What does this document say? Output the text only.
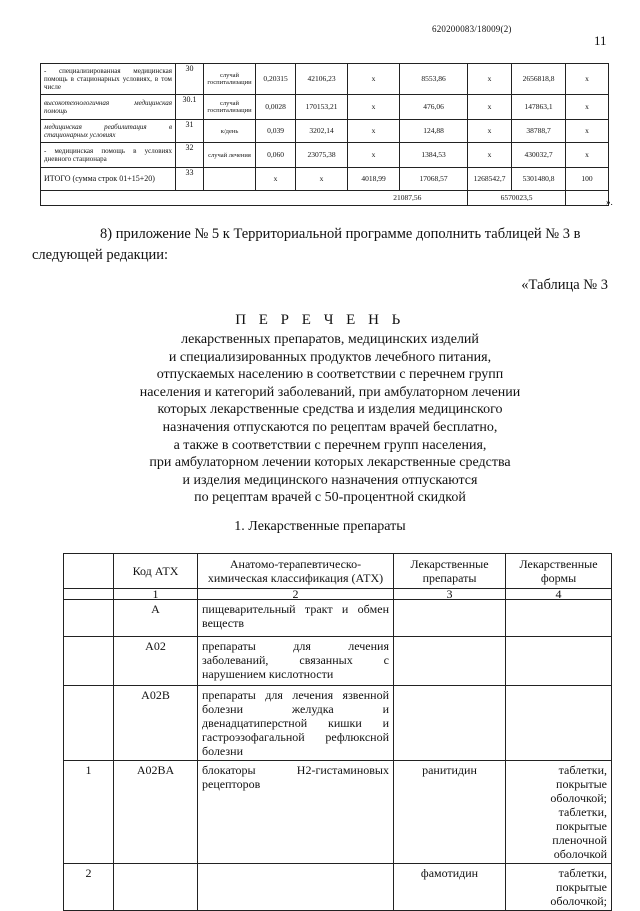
620200083/18009(2)
11
- специализированная медицинская помощь в стационарных условиях, в том числе	30	случай госпитализации	0,20315	42106,23	x	8553,86	x	2656818,8	x
высокотехнологичная медицинская помощь	30.1	случай госпитализации	0,0028	170153,21	x	476,06	x	147863,1	x
медицинская реабилитация в стационарных условиях	31	к/день	0,039	3202,14	x	124,88	x	38788,7	x
- медицинская помощь в условиях дневного стационара	32	случай лечения	0,060	23075,38	x	1384,53	x	430032,7	x
ИТОГО (сумма строк 01+15+20)	33		x	x	4018,99	17068,57	1268542,7	5301480,8	100
					21087,56		6570023,5			».

8) приложение № 5 к Территориальной программе дополнить таблицей № 3 в
следующей редакции:

«Таблица № 3
П Е Р Е Ч Е Н Ь
лекарственных препаратов, медицинских изделий
и специализированных продуктов лечебного питания,
отпускаемых населению в соответствии с перечнем групп
населения и категорий заболеваний, при амбулаторном лечении
которых лекарственные средства и изделия медицинского
назначения отпускаются по рецептам врачей бесплатно,
а также в соответствии с перечнем групп населения,
при амбулаторном лечении которых лекарственные средства
и изделия медицинского назначения отпускаются
по рецептам врачей с 50-процентной скидкой
1. Лекарственные препараты
	Код АТХ	Анатомо-терапевтическо-химическая классификация (АТХ)	Лекарственные препараты	Лекарственные формы
	1	2	3	4
	A	пищеварительный тракт и обмен веществ		
	A02	препараты для лечения заболеваний, связанных с нарушением кислотности		
	A02B	препараты для лечения язвенной болезни желудка и двенадцатиперстной кишки и гастроэзофагальной рефлюксной болезни		
1	A02BA	блокаторы H2-гистаминовых рецепторов	ранитидин	таблетки, покрытые оболочкой; таблетки, покрытые пленочной оболочкой
2			фамотидин	таблетки, покрытые оболочкой;
